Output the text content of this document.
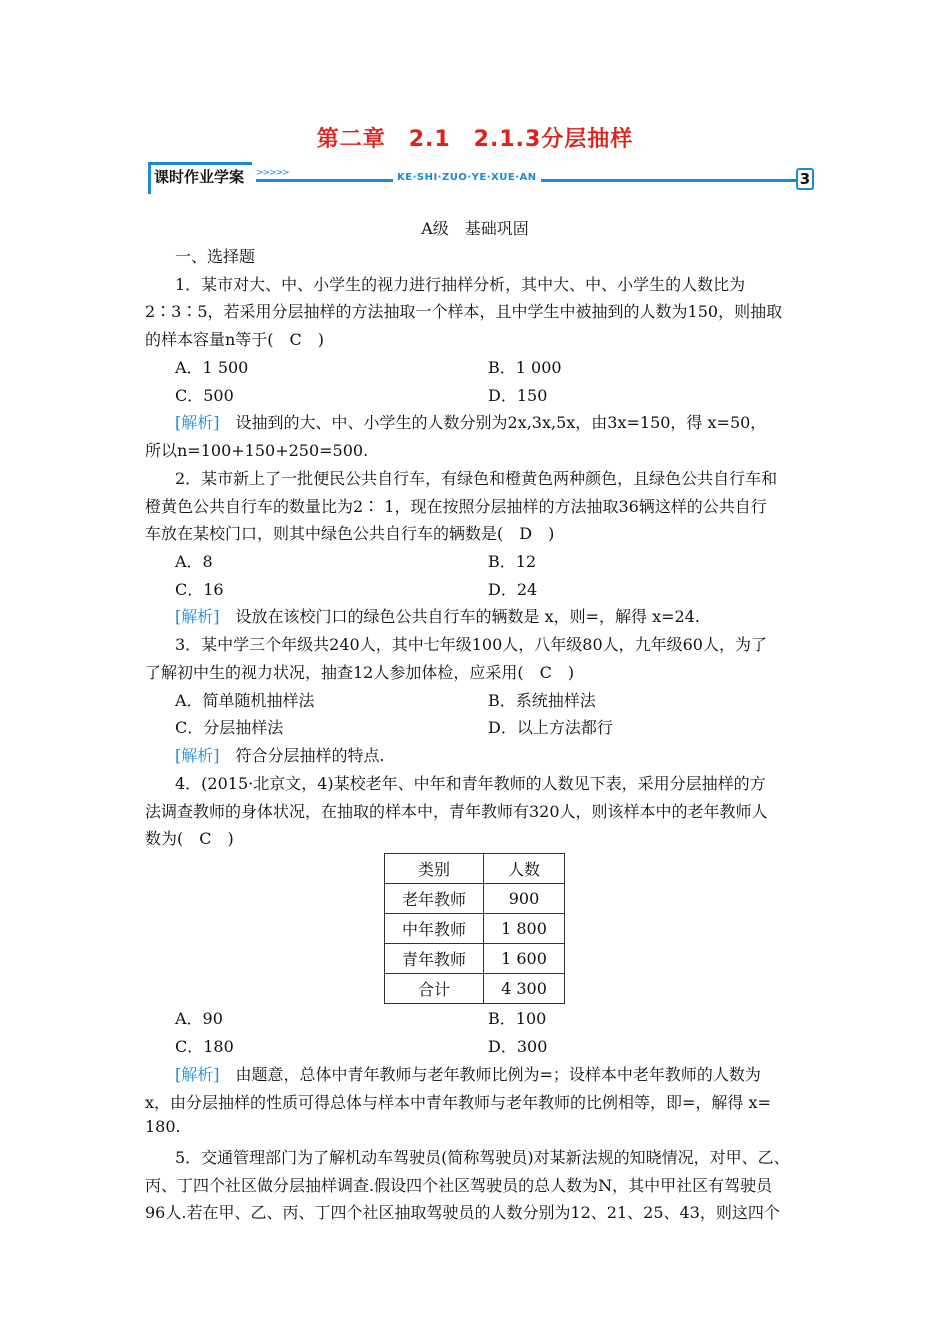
第二章　2.1　2.1.3分层抽样
课时作业学案 >>>>>	KE·SHI·ZUO·YE·XUE·AN	3
A级　基础巩固
一、选择题
1．某市对大、中、小学生的视力进行抽样分析，其中大、中、小学生的人数比为
2∶3∶5，若采用分层抽样的方法抽取一个样本，且中学生中被抽到的人数为150，则抽取
的样本容量n等于(　C　)
A．1 500	B．1 000
C．500	D．150
[解析]　设抽到的大、中、小学生的人数分别为2x,3x,5x，由3x=150，得 x=50，
所以n=100+150+250=500.
2．某市新上了一批便民公共自行车，有绿色和橙黄色两种颜色，且绿色公共自行车和
橙黄色公共自行车的数量比为2∶ 1，现在按照分层抽样的方法抽取36辆这样的公共自行
车放在某校门口，则其中绿色公共自行车的辆数是(　D　)
A．8	B．12
C．16	D．24
[解析]　设放在该校门口的绿色公共自行车的辆数是 x，则=，解得 x=24.
3．某中学三个年级共240人，其中七年级100人，八年级80人，九年级60人，为了
了解初中生的视力状况，抽查12人参加体检，应采用(　C　)
A．简单随机抽样法	B．系统抽样法
C．分层抽样法	D．以上方法都行
[解析]　符合分层抽样的特点.
4．(2015·北京文，4)某校老年、中年和青年教师的人数见下表，采用分层抽样的方
法调查教师的身体状况，在抽取的样本中，青年教师有320人，则该样本中的老年教师人
数为(　C　)
类别	人数
老年教师	900
中年教师	1 800
青年教师	1 600
合计	4 300
A．90	B．100
C．180	D．300
[解析]　由题意，总体中青年教师与老年教师比例为=；设样本中老年教师的人数为
x，由分层抽样的性质可得总体与样本中青年教师与老年教师的比例相等，即=，解得 x=
180.
5．交通管理部门为了解机动车驾驶员(简称驾驶员)对某新法规的知晓情况，对甲、乙、
丙、丁四个社区做分层抽样调查.假设四个社区驾驶员的总人数为N，其中甲社区有驾驶员
96人.若在甲、乙、丙、丁四个社区抽取驾驶员的人数分别为12、21、25、43，则这四个
